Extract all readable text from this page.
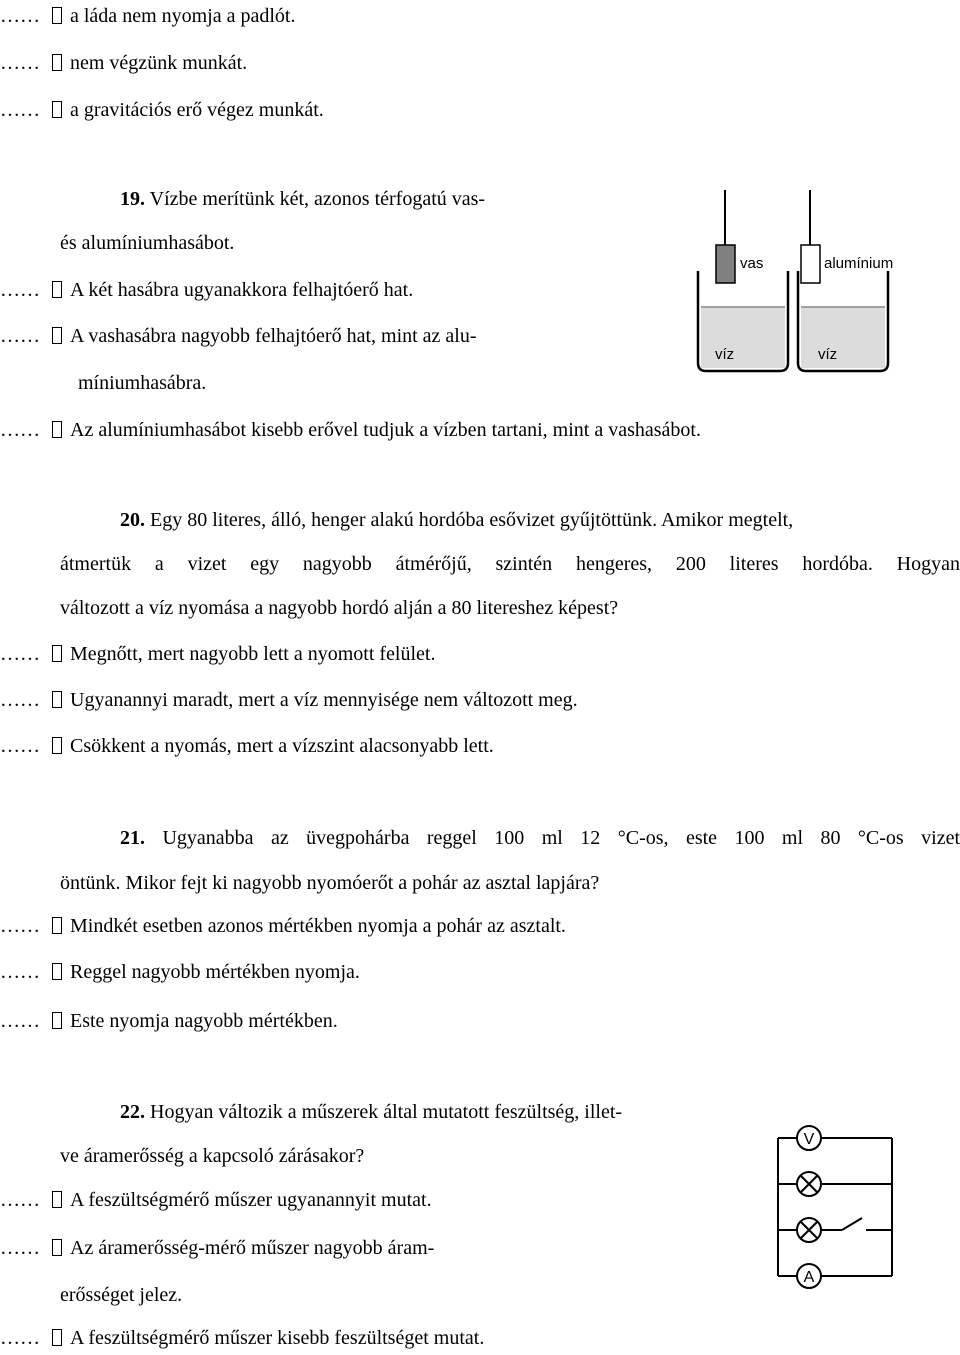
…… a láda nem nyomja a padlót.
…… nem végzünk munkát.
…… a gravitációs erő végez munkát.
19. Vízbe merítünk két, azonos térfogatú vas-
és alumíniumhasábot.
…… A két hasábra ugyanakkora felhajtóerő hat.
…… A vashasábra nagyobb felhajtóerő hat, mint az alu-
míniumhasábra.
…… Az alumíniumhasábot kisebb erővel tudjuk a vízben tartani, mint a vashasábot.
vas	alumínium
víz	víz
20. Egy 80 literes, álló, henger alakú hordóba esővizet gyűjtöttünk. Amikor megtelt,
átmertük a vizet egy nagyobb átmérőjű, szintén hengeres, 200 literes hordóba. Hogyan
változott a víz nyomása a nagyobb hordó alján a 80 litereshez képest?
…… Megnőtt, mert nagyobb lett a nyomott felület.
…… Ugyanannyi maradt, mert a víz mennyisége nem változott meg.
…… Csökkent a nyomás, mert a vízszint alacsonyabb lett.
21. Ugyanabba az üvegpohárba reggel 100 ml 12 °C-os, este 100 ml 80 °C-os vizet
öntünk. Mikor fejt ki nagyobb nyomóerőt a pohár az asztal lapjára?
…… Mindkét esetben azonos mértékben nyomja a pohár az asztalt.
…… Reggel nagyobb mértékben nyomja.
…… Este nyomja nagyobb mértékben.
22. Hogyan változik a műszerek által mutatott feszültség, illet-
ve áramerősség a kapcsoló zárásakor?
…… A feszültségmérő műszer ugyanannyit mutat.
…… Az áramerősség-mérő műszer nagyobb áram-
erősséget jelez.
…… A feszültségmérő műszer kisebb feszültséget mutat.
V
A
